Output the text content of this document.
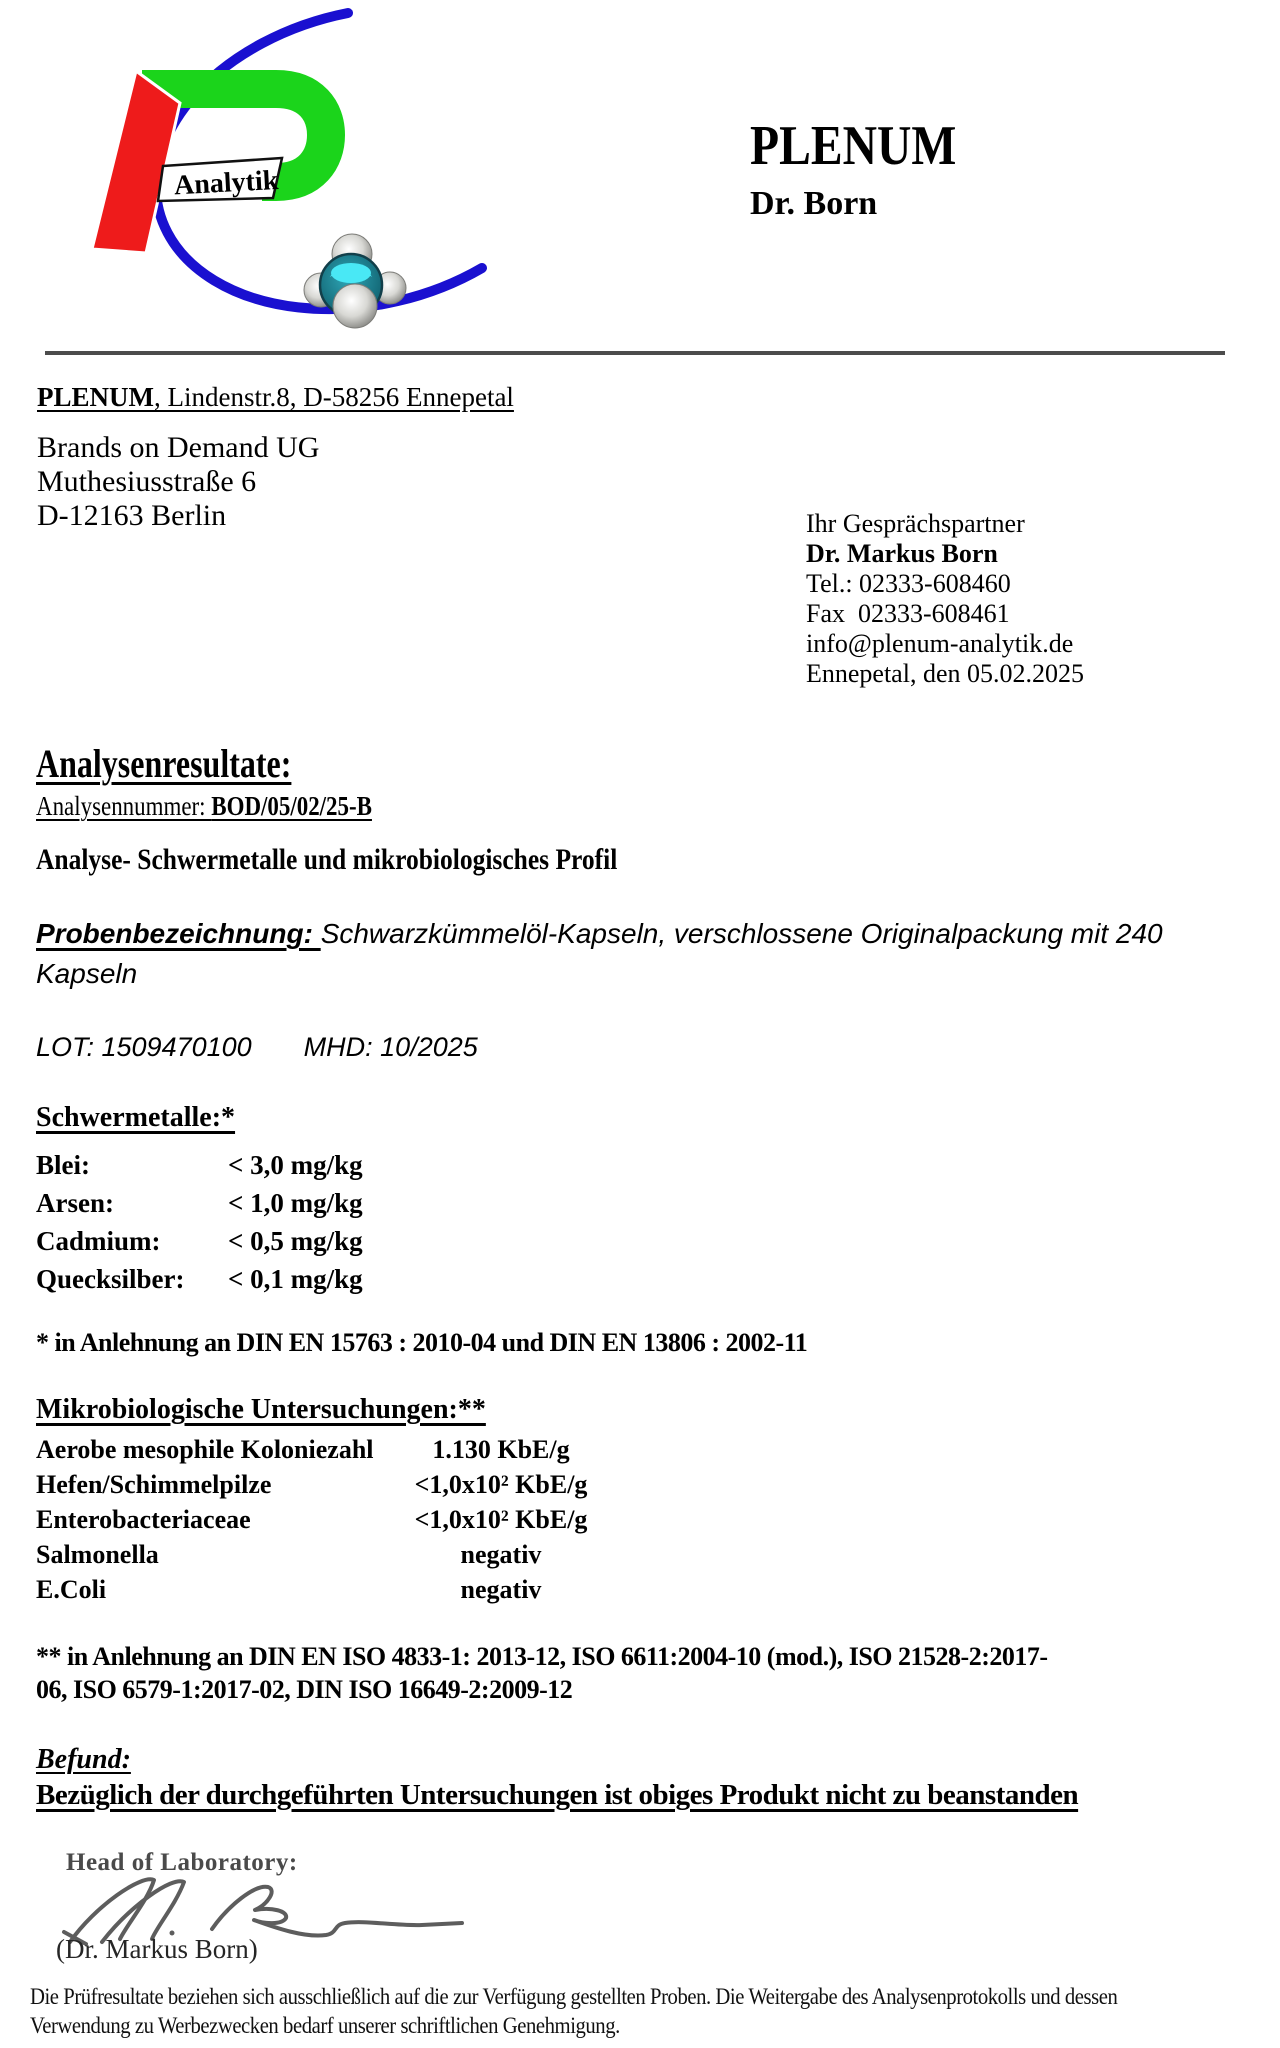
Analytik
PLENUM
Dr. Born
PLENUM, Lindenstr.8, D-58256 Ennepetal
Brands on Demand UG
Muthesiusstraße 6
D-12163 Berlin	Ihr Gesprächspartner
Dr. Markus Born
Tel.: 02333-608460
Fax  02333-608461
info@plenum-analytik.de
Ennepetal, den 05.02.2025
Analysenresultate:
Analysennummer: BOD/05/02/25-B
Analyse- Schwermetalle und mikrobiologisches Profil
Probenbezeichnung: Schwarzkümmelöl-Kapseln, verschlossene Originalpackung mit 240
Kapseln
LOT: 1509470100 MHD: 10/2025
Schwermetalle:*
Blei:	< 3,0 mg/kg
Arsen:	< 1,0 mg/kg
Cadmium:	< 0,5 mg/kg
Quecksilber:	< 0,1 mg/kg
* in Anlehnung an DIN EN 15763 : 2010-04 und DIN EN 13806 : 2002-11
Mikrobiologische Untersuchungen:**
Aerobe mesophile Koloniezahl	1.130 KbE/g
Hefen/Schimmelpilze	<1,0x10² KbE/g
Enterobacteriaceae	<1,0x10² KbE/g
Salmonella	negativ
E.Coli	negativ
** in Anlehnung an DIN EN ISO 4833-1: 2013-12, ISO 6611:2004-10 (mod.), ISO 21528-2:2017-
06, ISO 6579-1:2017-02, DIN ISO 16649-2:2009-12
Befund:
Bezüglich der durchgeführten Untersuchungen ist obiges Produkt nicht zu beanstanden
Head of Laboratory:
(Dr. Markus Born)
Die Prüfresultate beziehen sich ausschließlich auf die zur Verfügung gestellten Proben. Die Weitergabe des Analysenprotokolls und dessen
Verwendung zu Werbezwecken bedarf unserer schriftlichen Genehmigung.
